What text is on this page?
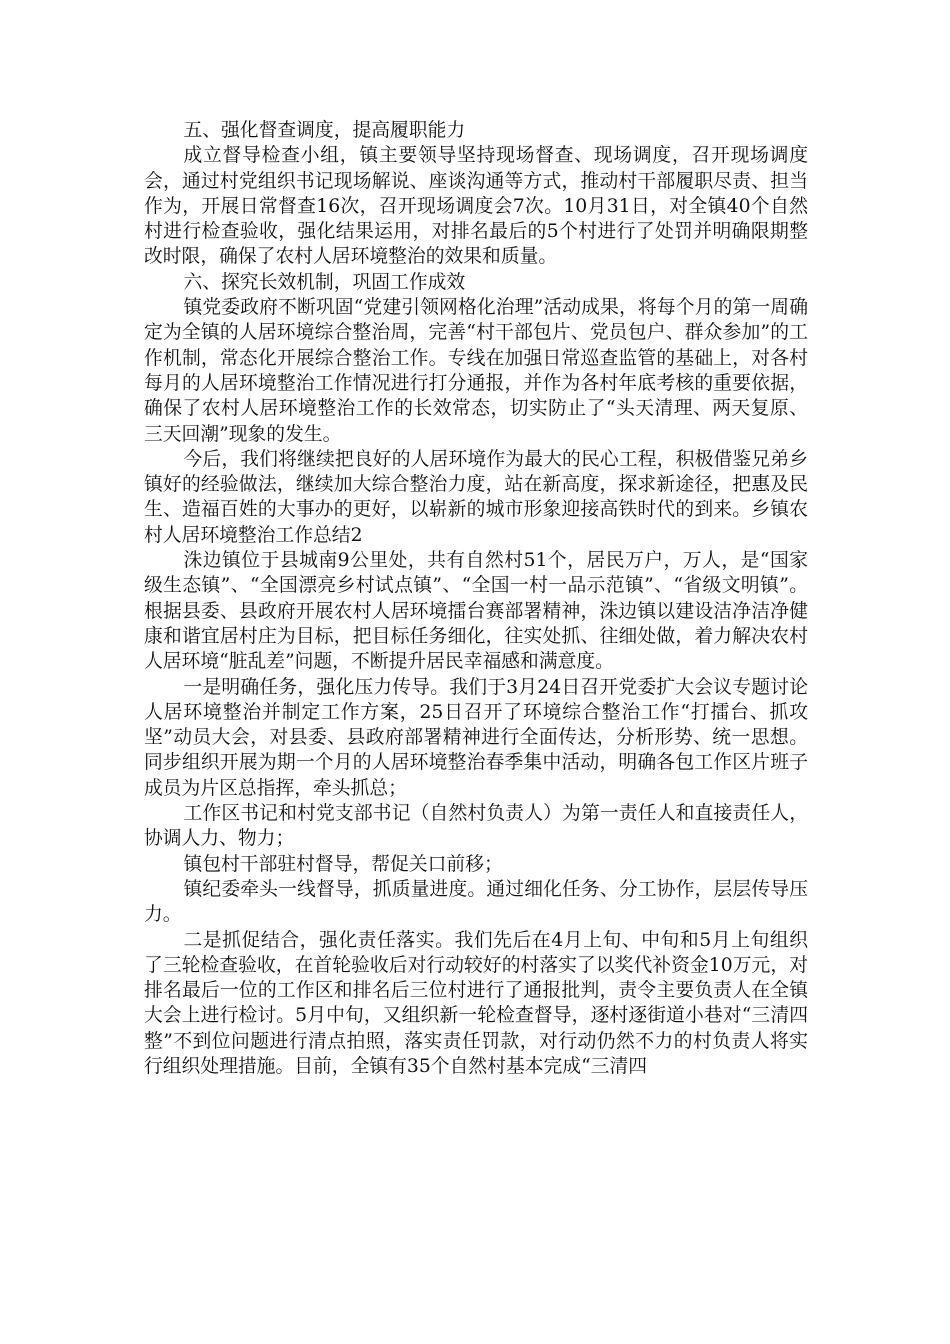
五、强化督查调度，提高履职能力

成立督导检查小组，镇主要领导坚持现场督查、现场调度，召开现场调度会，通过村党组织书记现场解说、座谈沟通等方式，推动村干部履职尽责、担当作为，开展日常督查16次，召开现场调度会7次。10月31日，对全镇40个自然村进行检查验收，强化结果运用，对排名最后的5个村进行了处罚并明确限期整改时限，确保了农村人居环境整治的效果和质量。

六、探究长效机制，巩固工作成效

镇党委政府不断巩固“党建引领网格化治理”活动成果，将每个月的第一周确定为全镇的人居环境综合整治周，完善“村干部包片、党员包户、群众参加”的工作机制，常态化开展综合整治工作。专线在加强日常巡查监管的基础上，对各村每月的人居环境整治工作情况进行打分通报，并作为各村年底考核的重要依据，确保了农村人居环境整治工作的长效常态，切实防止了“头天清理、两天复原、三天回潮”现象的发生。

今后，我们将继续把良好的人居环境作为最大的民心工程，积极借鉴兄弟乡镇好的经验做法，继续加大综合整治力度，站在新高度，探求新途径，把惠及民生、造福百姓的大事办的更好，以崭新的城市形象迎接高铁时代的到来。乡镇农村人居环境整治工作总结2

洙边镇位于县城南9公里处，共有自然村51个，居民万户，万人，是“国家级生态镇”、“全国漂亮乡村试点镇”、“全国一村一品示范镇”、“省级文明镇”。根据县委、县政府开展农村人居环境擂台赛部署精神，洙边镇以建设洁净洁净健康和谐宜居村庄为目标，把目标任务细化，往实处抓、往细处做，着力解决农村人居环境“脏乱差”问题，不断提升居民幸福感和满意度。

一是明确任务，强化压力传导。我们于3月24日召开党委扩大会议专题讨论人居环境整治并制定工作方案，25日召开了环境综合整治工作“打擂台、抓攻坚”动员大会，对县委、县政府部署精神进行全面传达，分析形势、统一思想。同步组织开展为期一个月的人居环境整治春季集中活动，明确各包工作区片班子成员为片区总指挥，牵头抓总；

工作区书记和村党支部书记（自然村负责人）为第一责任人和直接责任人，协调人力、物力；

镇包村干部驻村督导，帮促关口前移；

镇纪委牵头一线督导，抓质量进度。通过细化任务、分工协作，层层传导压力。

二是抓促结合，强化责任落实。我们先后在4月上旬、中旬和5月上旬组织了三轮检查验收，在首轮验收后对行动较好的村落实了以奖代补资金10万元，对排名最后一位的工作区和排名后三位村进行了通报批判，责令主要负责人在全镇大会上进行检讨。5月中旬，又组织新一轮检查督导，逐村逐街道小巷对“三清四整”不到位问题进行清点拍照，落实责任罚款，对行动仍然不力的村负责人将实行组织处理措施。目前，全镇有35个自然村基本完成“三清四
